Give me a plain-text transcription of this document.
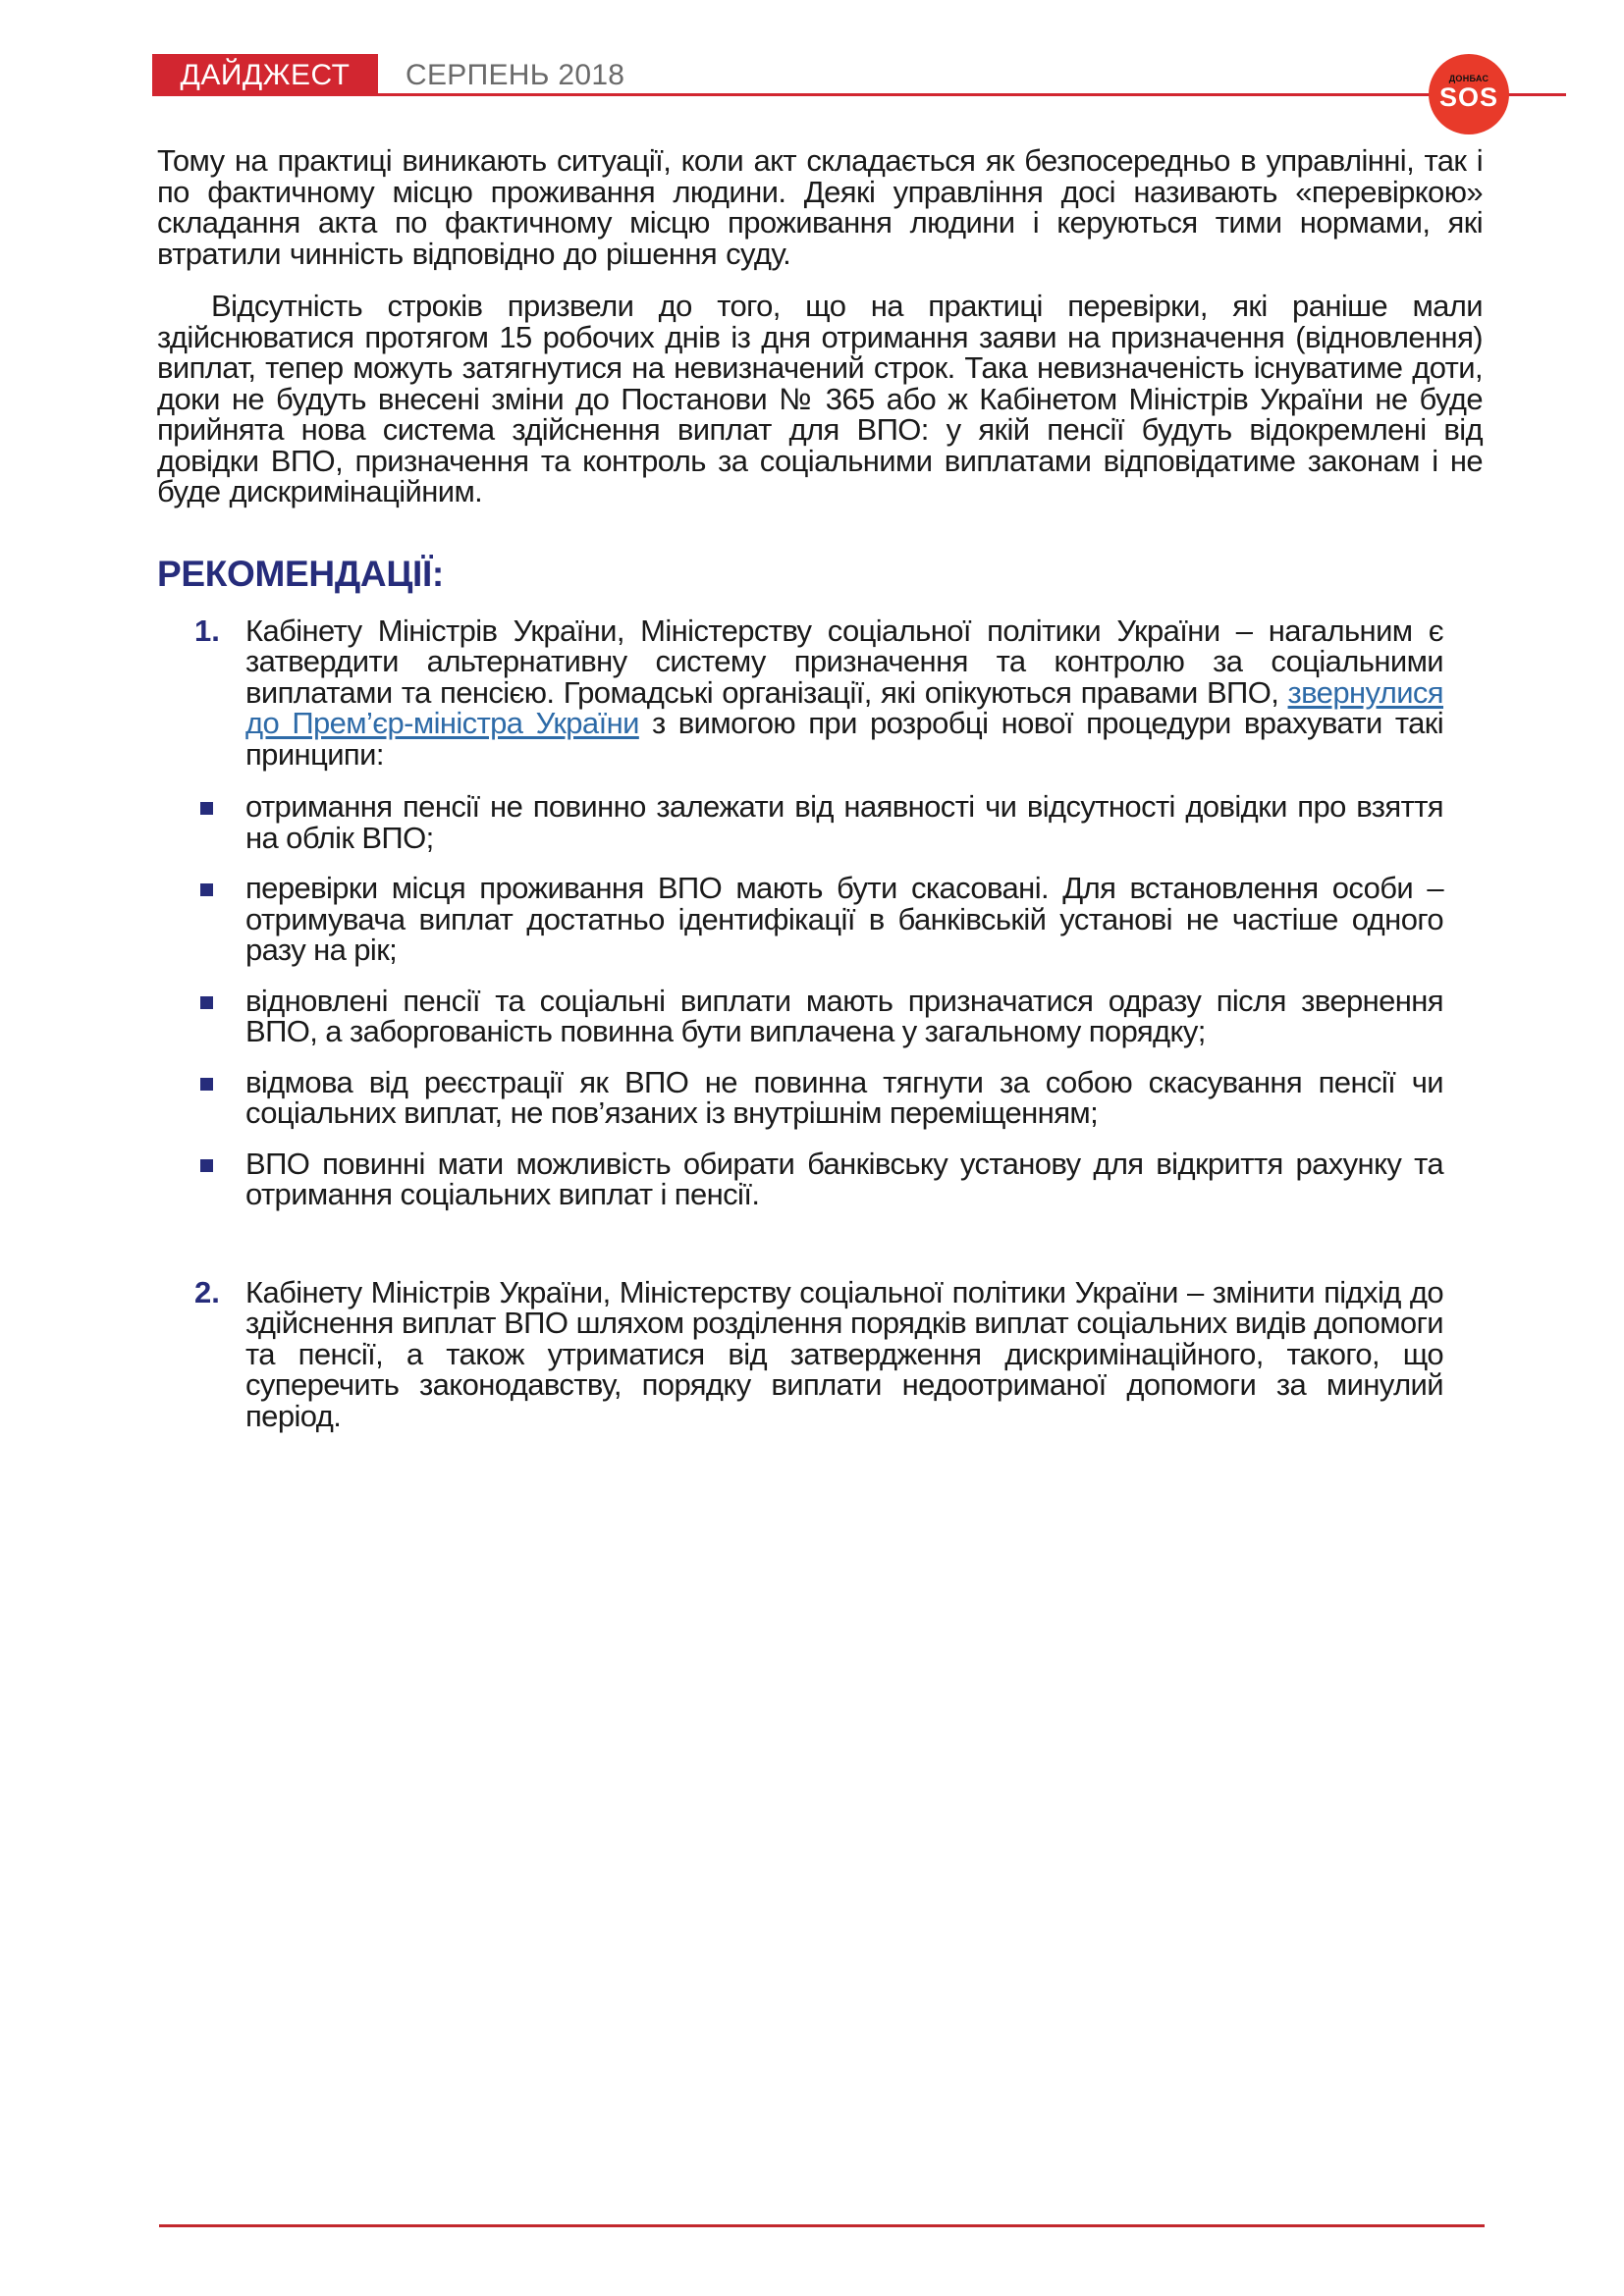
ДАЙДЖЕСТ	СЕРПЕНЬ 2018	ДОНБАС
SOS

Тому на практиці виникають ситуації, коли акт складається як безпосередньо в управлінні, так і по фактичному місцю проживання людини. Деякі управління досі називають «перевіркою» складання акта по фактичному місцю проживання людини і керуються тими нормами, які втратили чинність відповідно до рішення суду.

Відсутність строків призвели до того, що на практиці перевірки, які раніше мали здійснюватися протягом 15 робочих днів із дня отримання заяви на призначення (відновлення) виплат, тепер можуть затягнутися на невизначений строк. Така невизначеність існуватиме доти, доки не будуть внесені зміни до Постанови № 365 або ж Кабінетом Міністрів України не буде прийнята нова система здійснення виплат для ВПО: у якій пенсії будуть відокремлені від довідки ВПО, призначення та контроль за соціальними виплатами відповідатиме законам і не буде дискримінаційним.

РЕКОМЕНДАЦІЇ:
1. Кабінету Міністрів України, Міністерству соціальної політики України – нагальним є затвердити альтернативну систему призначення та контролю за соціальними виплатами та пенсією. Громадські організації, які опікуються правами ВПО, звернулися до Прем’єр-міністра України з вимогою при розробці нової процедури врахувати такі принципи:
отримання пенсії не повинно залежати від наявності чи відсутності довідки про взяття на облік ВПО;
перевірки місця проживання ВПО мають бути скасовані. Для встановлення особи – отримувача виплат достатньо ідентифікації в банківській установі не частіше одного разу на рік;
відновлені пенсії та соціальні виплати мають призначатися одразу після звернення ВПО, а заборгованість повинна бути виплачена у загальному порядку;
відмова від реєстрації як ВПО не повинна тягнути за собою скасування пенсії чи соціальних виплат, не пов’язаних із внутрішнім переміщенням;
ВПО повинні мати можливість обирати банківську установу для відкриття рахунку та отримання соціальних виплат і пенсії.
2. Кабінету Міністрів України, Міністерству соціальної політики України – змінити підхід до здійснення виплат ВПО шляхом розділення порядків виплат соціальних видів допомоги та пенсії, а також утриматися від затвердження дискримінаційного, такого, що суперечить законодавству, порядку виплати недоотриманої допомоги за минулий період.
